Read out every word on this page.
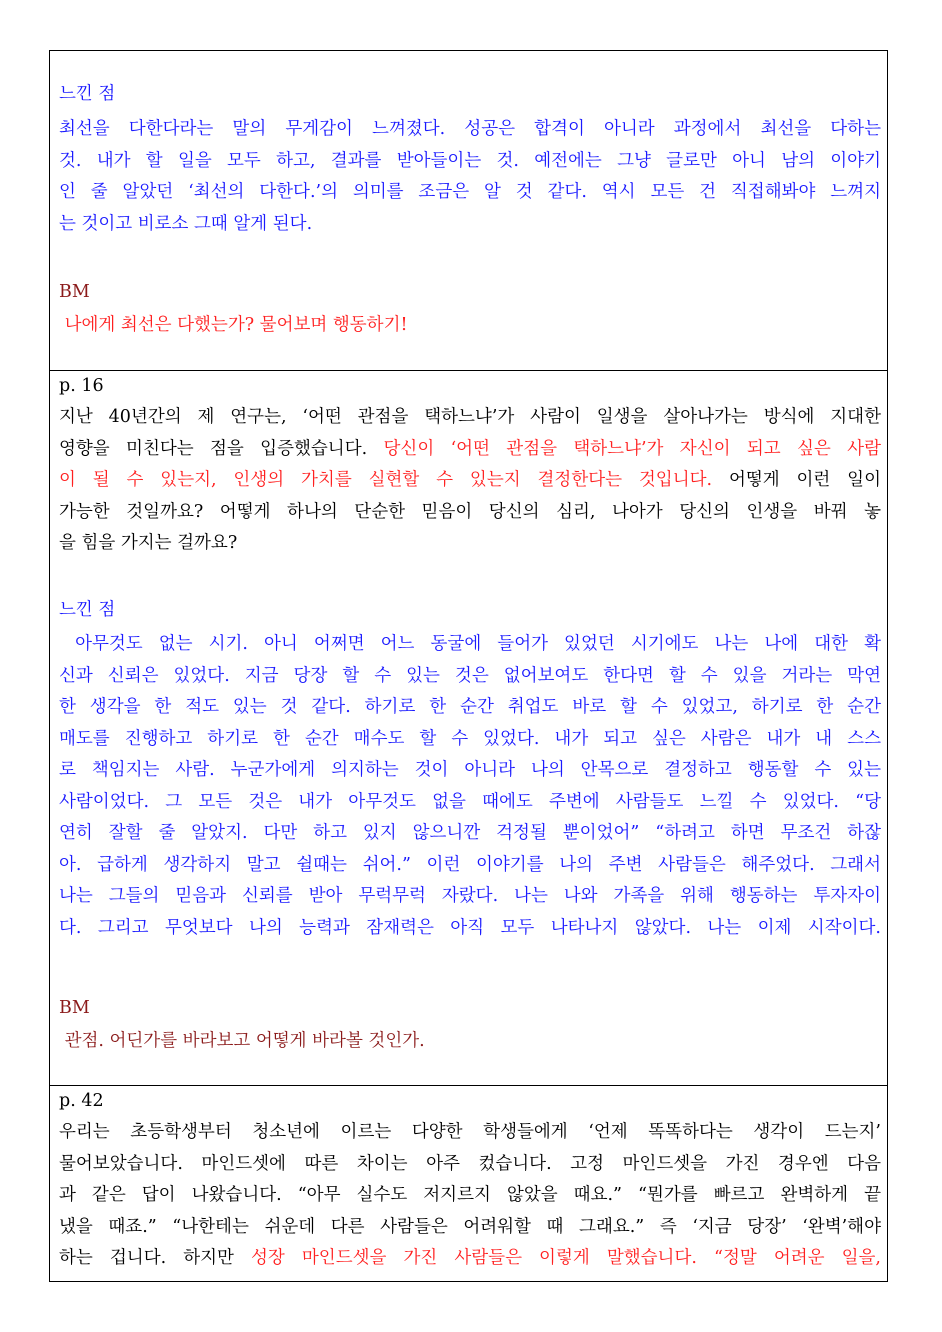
느낀 점

최선을 다한다라는 말의 무게감이 느껴졌다. 성공은 합격이 아니라 과정에서 최선을 다하는
것. 내가 할 일을 모두 하고, 결과를 받아들이는 것. 예전에는 그냥 글로만 아니 남의 이야기
인 줄 알았던 ‘최선의 다한다.’의 의미를 조금은 알 것 같다. 역시 모든 건 직접해봐야 느껴지
는 것이고 비로소 그때 알게 된다.

BM

나에게 최선은 다했는가? 물어보며 행동하기!

p. 16

지난 40년간의 제 연구는, ‘어떤 관점을 택하느냐’가 사람이 일생을 살아나가는 방식에 지대한
영향을 미친다는 점을 입증했습니다. 당신이 ‘어떤 관점을 택하느냐’가 자신이 되고 싶은 사람
이 될 수 있는지, 인생의 가치를 실현할 수 있는지 결정한다는 것입니다. 어떻게 이런 일이
가능한 것일까요? 어떻게 하나의 단순한 믿음이 당신의 심리, 나아가 당신의 인생을 바꿔 놓
을 힘을 가지는 걸까요?

느낀 점

아무것도 없는 시기. 아니 어쩌면 어느 동굴에 들어가 있었던 시기에도 나는 나에 대한 확
신과 신뢰은 있었다. 지금 당장 할 수 있는 것은 없어보여도 한다면 할 수 있을 거라는 막연
한 생각을 한 적도 있는 것 같다. 하기로 한 순간 취업도 바로 할 수 있었고, 하기로 한 순간
매도를 진행하고 하기로 한 순간 매수도 할 수 있었다. 내가 되고 싶은 사람은 내가 내 스스
로 책임지는 사람. 누군가에게 의지하는 것이 아니라 나의 안목으로 결정하고 행동할 수 있는
사람이었다. 그 모든 것은 내가 아무것도 없을 때에도 주변에 사람들도 느낄 수 있었다. “당
연히 잘할 줄 알았지. 다만 하고 있지 않으니깐 걱정될 뿐이었어” “하려고 하면 무조건 하잖
아. 급하게 생각하지 말고 쉴때는 쉬어.” 이런 이야기를 나의 주변 사람들은 해주었다. 그래서
나는 그들의 믿음과 신뢰를 받아 무럭무럭 자랐다. 나는 나와 가족을 위해 행동하는 투자자이
다. 그리고 무엇보다 나의 능력과 잠재력은 아직 모두 나타나지 않았다. 나는 이제 시작이다.

BM

관점. 어딘가를 바라보고 어떻게 바라볼 것인가.

p. 42

우리는 초등학생부터 청소년에 이르는 다양한 학생들에게 ‘언제 똑똑하다는 생각이 드는지’
물어보았습니다. 마인드셋에 따른 차이는 아주 컸습니다. 고정 마인드셋을 가진 경우엔 다음
과 같은 답이 나왔습니다. “아무 실수도 저지르지 않았을 때요.” “뭔가를 빠르고 완벽하게 끝
냈을 때죠.” “나한테는 쉬운데 다른 사람들은 어려워할 때 그래요.” 즉 ‘지금 당장’ ‘완벽’해야
하는 겁니다. 하지만 성장 마인드셋을 가진 사람들은 이렇게 말했습니다. “정말 어려운 일을,
